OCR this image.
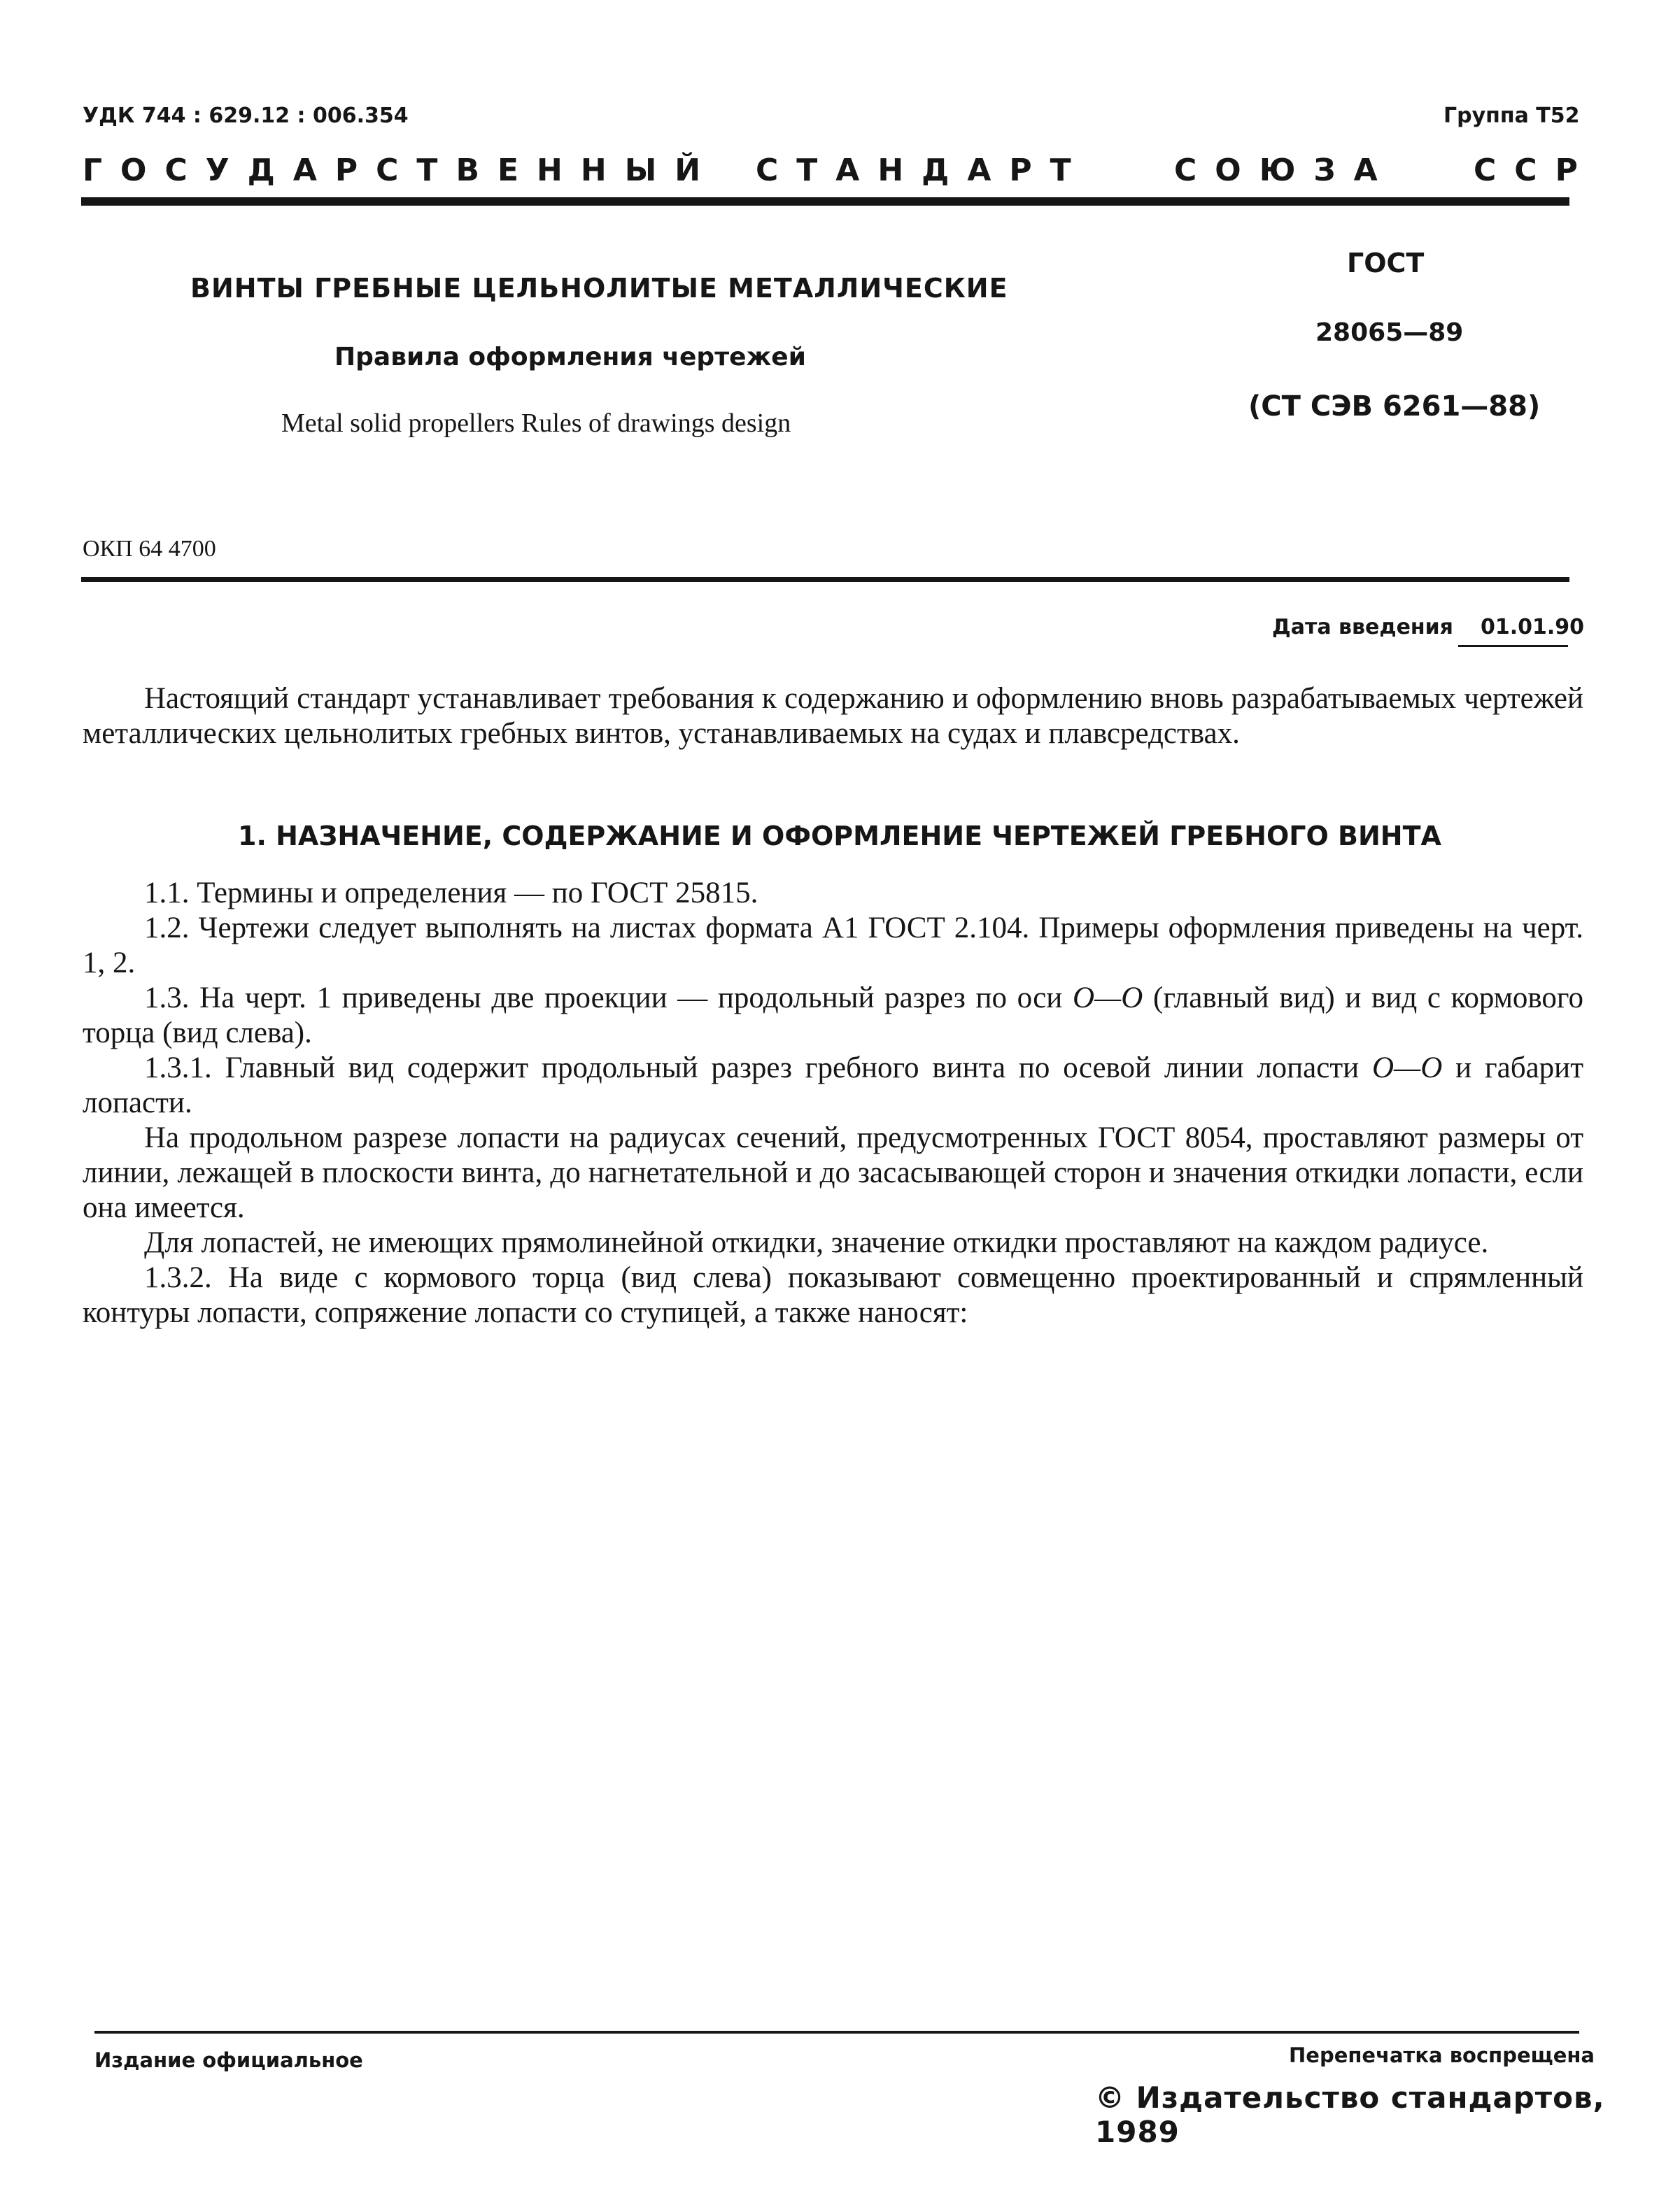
УДК 744 : 629.12 : 006.354	Группа Т52
ГОСУДАРСТВЕННЫЙ СТАНДАРТ	СОЮЗА	ССР
ВИНТЫ ГРЕБНЫЕ ЦЕЛЬНОЛИТЫЕ МЕТАЛЛИЧЕСКИЕ
Правила оформления чертежей
Metal solid propellers Rules of drawings design
ГОСТ
28065—89
(СТ СЭВ 6261—88)
ОКП 64 4700
Дата введения 01.01.90

Настоящий стандарт устанавливает требования к содержанию и оформлению вновь разрабатываемых чертежей металлических цельнолитых гребных винтов, устанавливаемых на судах и плавсредствах.

1. НАЗНАЧЕНИЕ, СОДЕРЖАНИЕ И ОФОРМЛЕНИЕ ЧЕРТЕЖЕЙ ГРЕБНОГО ВИНТА

1.1. Термины и определения — по ГОСТ 25815.

1.2. Чертежи следует выполнять на листах формата А1 ГОСТ 2.104. Примеры оформления приведены на черт. 1, 2.

1.3. На черт. 1 приведены две проекции — продольный разрез по оси О—О (главный вид) и вид с кормового торца (вид слева).

1.3.1. Главный вид содержит продольный разрез гребного винта по осевой линии лопасти О—О и габарит лопасти.

На продольном разрезе лопасти на радиусах сечений, предусмотренных ГОСТ 8054, проставляют размеры от линии, лежащей в плоскости винта, до нагнетательной и до засасывающей сторон и значения откидки лопасти, если она имеется.

Для лопастей, не имеющих прямолинейной откидки, значение откидки проставляют на каждом радиусе.

1.3.2. На виде с кормового торца (вид слева) показывают совмещенно проектированный и спрямленный контуры лопасти, сопряжение лопасти со ступицей, а также наносят:

Издание официальное	Перепечатка воспрещена
© Издательство стандартов, 1989
